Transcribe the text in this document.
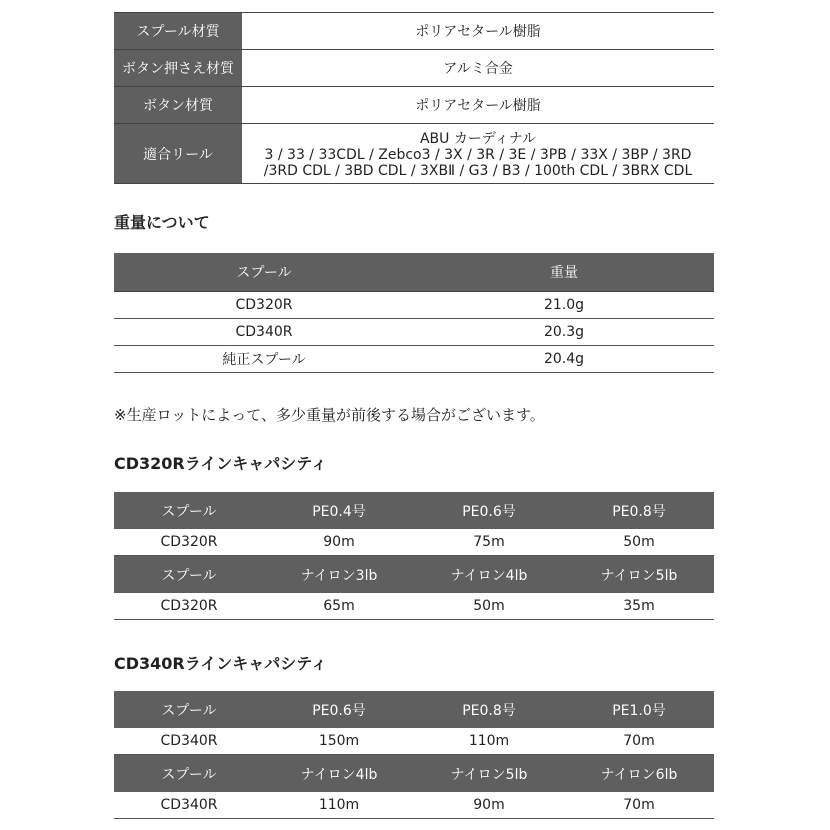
スプール材質	ポリアセタール樹脂
ボタン押さえ材質	アルミ合金
ボタン材質	ポリアセタール樹脂
適合リール	ABU カーディナル
3 / 33 / 33CDL / Zebco3 / 3X / 3R / 3E / 3PB / 33X / 3BP / 3RD
/3RD CDL / 3BD CDL / 3XBⅡ / G3 / B3 / 100th CDL / 3BRX CDL

重量について

スプール	重量
CD320R	21.0g
CD340R	20.3g
純正スプール	20.4g

※生産ロットによって、多少重量が前後する場合がございます。

CD320Rラインキャパシティ

スプール	PE0.4号	PE0.6号	PE0.8号
CD320R	90m	75m	50m
スプール	ナイロン3lb	ナイロン4lb	ナイロン5lb
CD320R	65m	50m	35m

CD340Rラインキャパシティ

スプール	PE0.6号	PE0.8号	PE1.0号
CD340R	150m	110m	70m
スプール	ナイロン4lb	ナイロン5lb	ナイロン6lb
CD340R	110m	90m	70m
